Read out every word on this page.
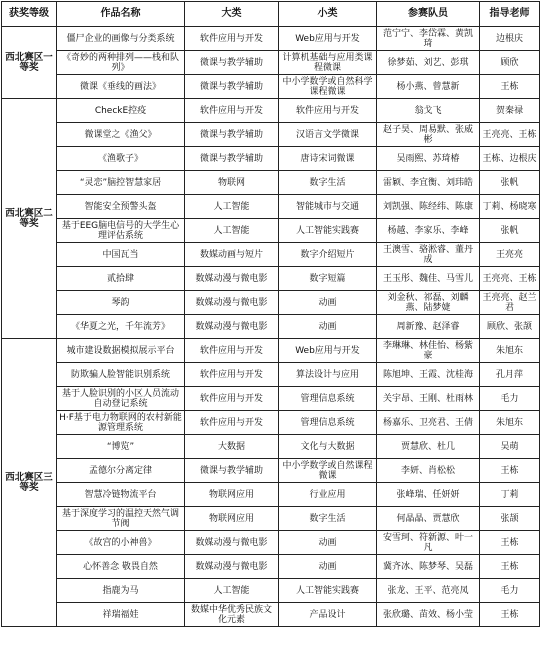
获奖等级	作品名称	大类	小类	参赛队员	指导老师
西北赛区一等奖	僵尸企业的画像与分类系统	软件应用与开发	Web应用与开发	范宁宁、李岱霖、黄凯琦	边根庆
	《奇妙的两种排列——栈和队列》	微课与教学辅助	计算机基础与应用类课程微课	徐梦茹、刘艺、彭琪	顾欣
	微课《垂线的画法》	微课与教学辅助	中小学数学或自然科学课程微课	杨小燕、曾慧新	王栋
西北赛区二等奖	CheckE控疫	软件应用与开发	软件应用与开发	翁戈飞	贺秦禄
	微课堂之《渔父》	微课与教学辅助	汉语言文学微课	赵子昊、周易默、张威彬	王亮亮、王栋
	《渔歌子》	微课与教学辅助	唐诗宋词微课	吴雨熙、苏琦椿	王栋、边根庆
	“灵恋”脑控智慧家居	物联网	数字生活	雷颖、李宜衡、刘玮皓	张帆
	智能安全预警头盔	人工智能	智能城市与交通	刘凯强、陈经纬、陈康	丁莉、杨晓寒
	基于EEG脑电信号的大学生心理评估系统	人工智能	人工智能实践赛	杨越、李家乐、李峰	张帆
	中国瓦当	数媒动画与短片	数字介绍短片	王澳雪、骆淞睿、董丹成	王亮亮
	贰拾肆	数媒动漫与微电影	数字短篇	王玉彤、魏佳、马雪儿	王亮亮、王栋
	琴韵	数媒动漫与微电影	动画	刘金秋、祁磊、刘麟燕、陆梦婕	王亮亮、赵兰君
	《华夏之光，千年流芳》	数媒动漫与微电影	动画	周新豫、赵泽睿	顾欣、张颉
西北赛区三等奖	城市建设数据模拟展示平台	软件应用与开发	Web应用与开发	李琳琳、林佳怡、杨紫豪	朱旭东
	防欺骗人脸智能识别系统	软件应用与开发	算法设计与应用	陈旭坤、王霞、沈桂海	孔月萍
	基于人脸识别的小区人员流动自动登记系统	软件应用与开发	管理信息系统	关宇昂、王刚、杜雨林	毛力
	H·F基于电力物联网的农村新能源管理系统	软件应用与开发	管理信息系统	杨嘉乐、卫亮君、王倩	朱旭东
	“博览”	大数据	文化与大数据	贾慧欣、杜几	吴萌
	孟德尔分离定律	微课与教学辅助	中小学数学或自然课程微课	李妍、肖松松	王栋
	智慧冷链物流平台	物联网应用	行业应用	张峰瑞、任妍妍	丁莉
	基于深度学习的温控天然气调节阀	物联网应用	数字生活	何晶晶、贾慧欣	张颉
	《故宫的小神兽》	数媒动漫与微电影	动画	安雪珂、符新源、叶一凡	王栋
	心怀善念 敬畏自然	数媒动漫与微电影	动画	冀齐冰、陈梦琴、吴磊	王栋
	指鹿为马	人工智能	人工智能实践赛	张龙、王平、范亮凤	毛力
	祥瑞福娃	数媒中华优秀民族文化元素	产品设计	张欣璐、苗效、杨小莹	王栋
